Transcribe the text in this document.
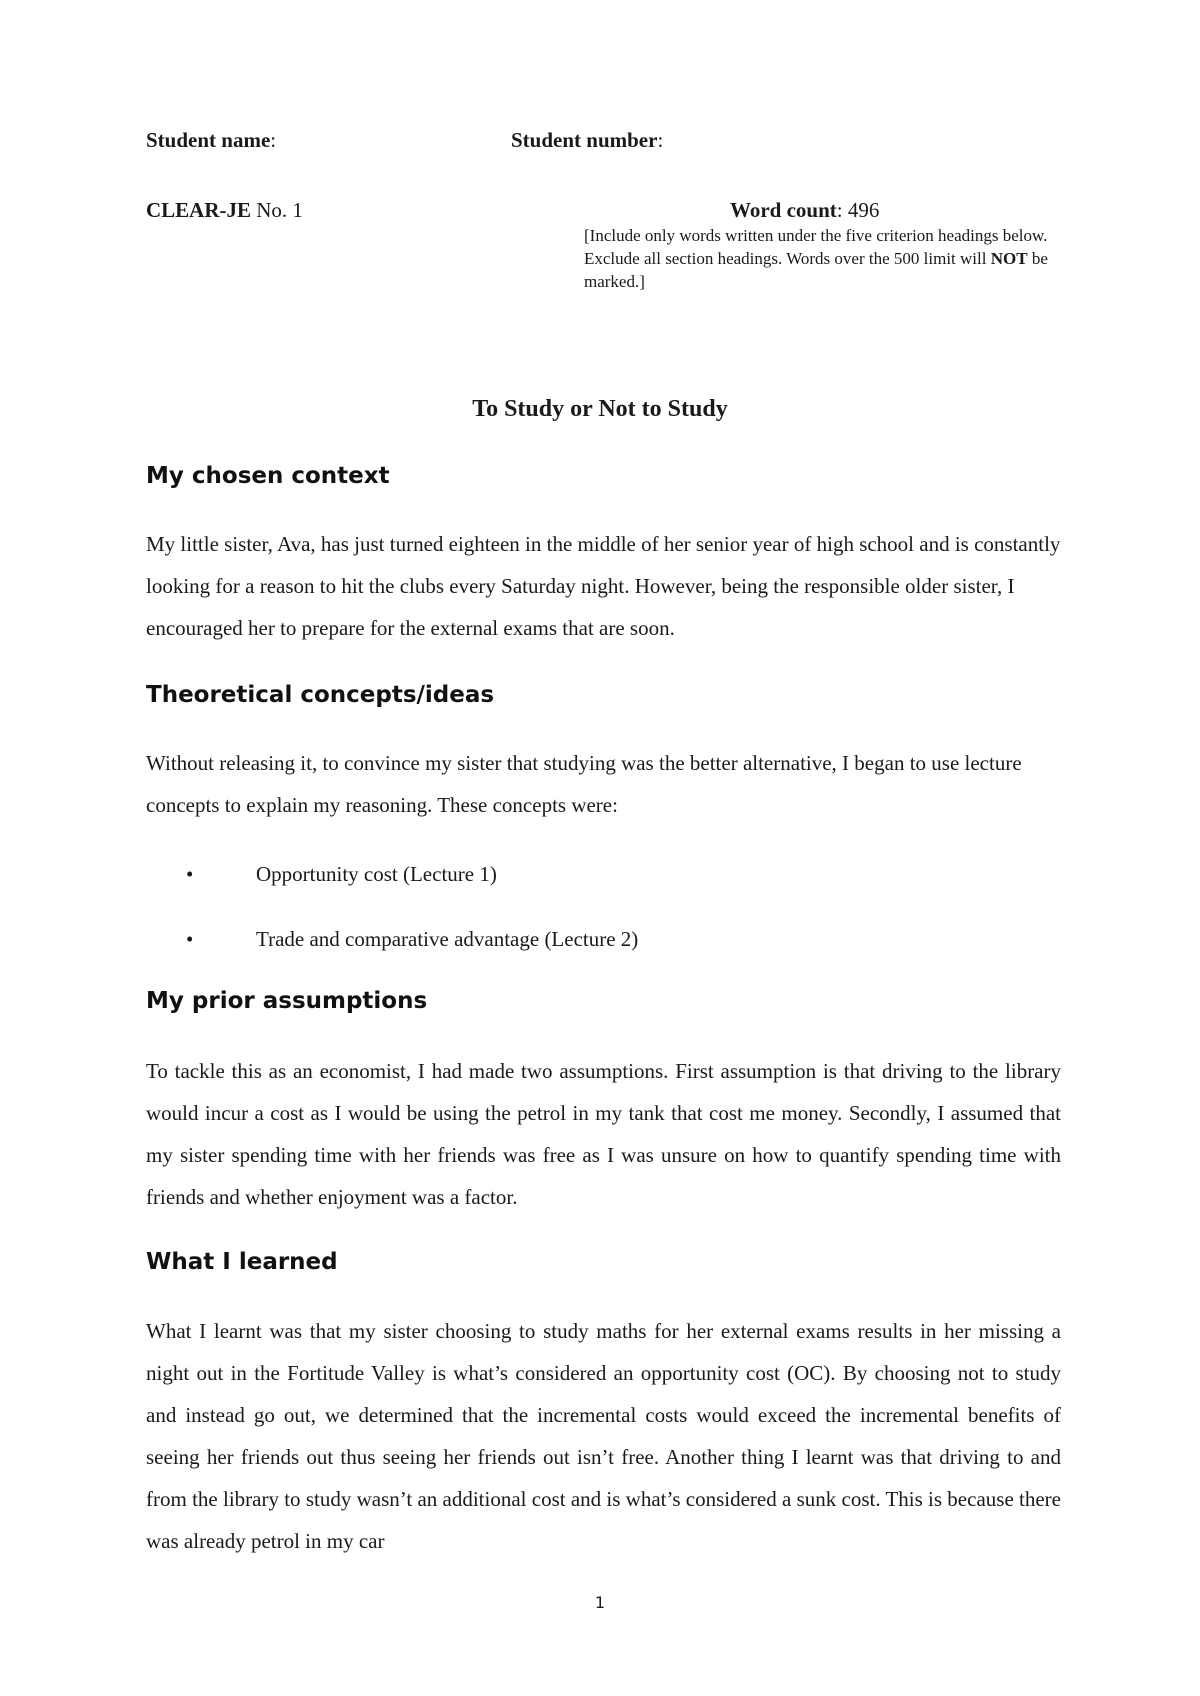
Student name:	Student number:
CLEAR-JE No. 1	Word count: 496
[Include only words written under the five criterion headings below. Exclude all section headings. Words over the 500 limit will NOT be marked.]
To Study or Not to Study
My chosen context
My little sister, Ava, has just turned eighteen in the middle of her senior year of high school and is constantly looking for a reason to hit the clubs every Saturday night. However, being the responsible older sister, I encouraged her to prepare for the external exams that are soon.
Theoretical concepts/ideas
Without releasing it, to convince my sister that studying was the better alternative, I began to use lecture concepts to explain my reasoning. These concepts were:
•	Opportunity cost (Lecture 1)
•	Trade and comparative advantage (Lecture 2)
My prior assumptions
To tackle this as an economist, I had made two assumptions. First assumption is that driving to the library would incur a cost as I would be using the petrol in my tank that cost me money. Secondly, I assumed that my sister spending time with her friends was free as I was unsure on how to quantify spending time with friends and whether enjoyment was a factor.
What I learned
What I learnt was that my sister choosing to study maths for her external exams results in her missing a night out in the Fortitude Valley is what’s considered an opportunity cost (OC). By choosing not to study and instead go out, we determined that the incremental costs would exceed the incremental benefits of seeing her friends out thus seeing her friends out isn’t free. Another thing I learnt was that driving to and from the library to study wasn’t an additional cost and is what’s considered a sunk cost. This is because there was already petrol in my car
1
